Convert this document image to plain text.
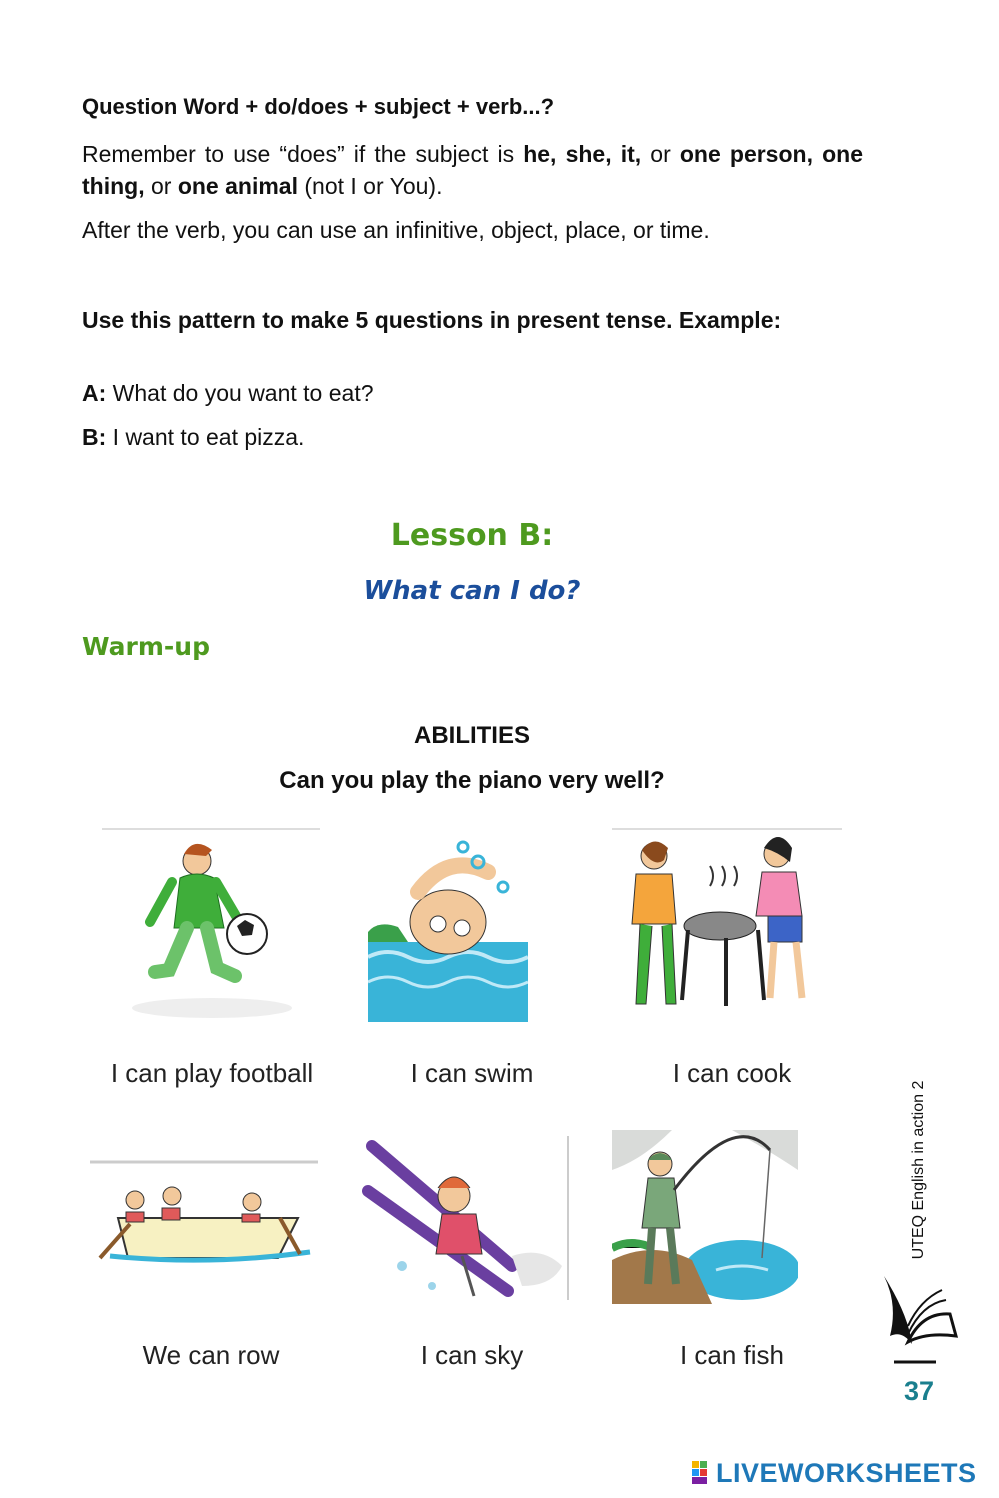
Question Word + do/does + subject + verb...?
Remember to use “does” if the subject is he, she, it, or one person, one thing, or one animal (not I or You).
After the verb, you can use an infinitive, object, place, or time.
Use this pattern to make 5 questions in present tense. Example:
A: What do you want to eat?
B: I want to eat pizza.
Lesson B:
What can I do?
Warm-up
ABILITIES
Can you play the piano very well?
I can play football	I can swim	I can cook
We can row	I can sky	I can fish
UTEQ English in action 2
37
LIVEWORKSHEETS
